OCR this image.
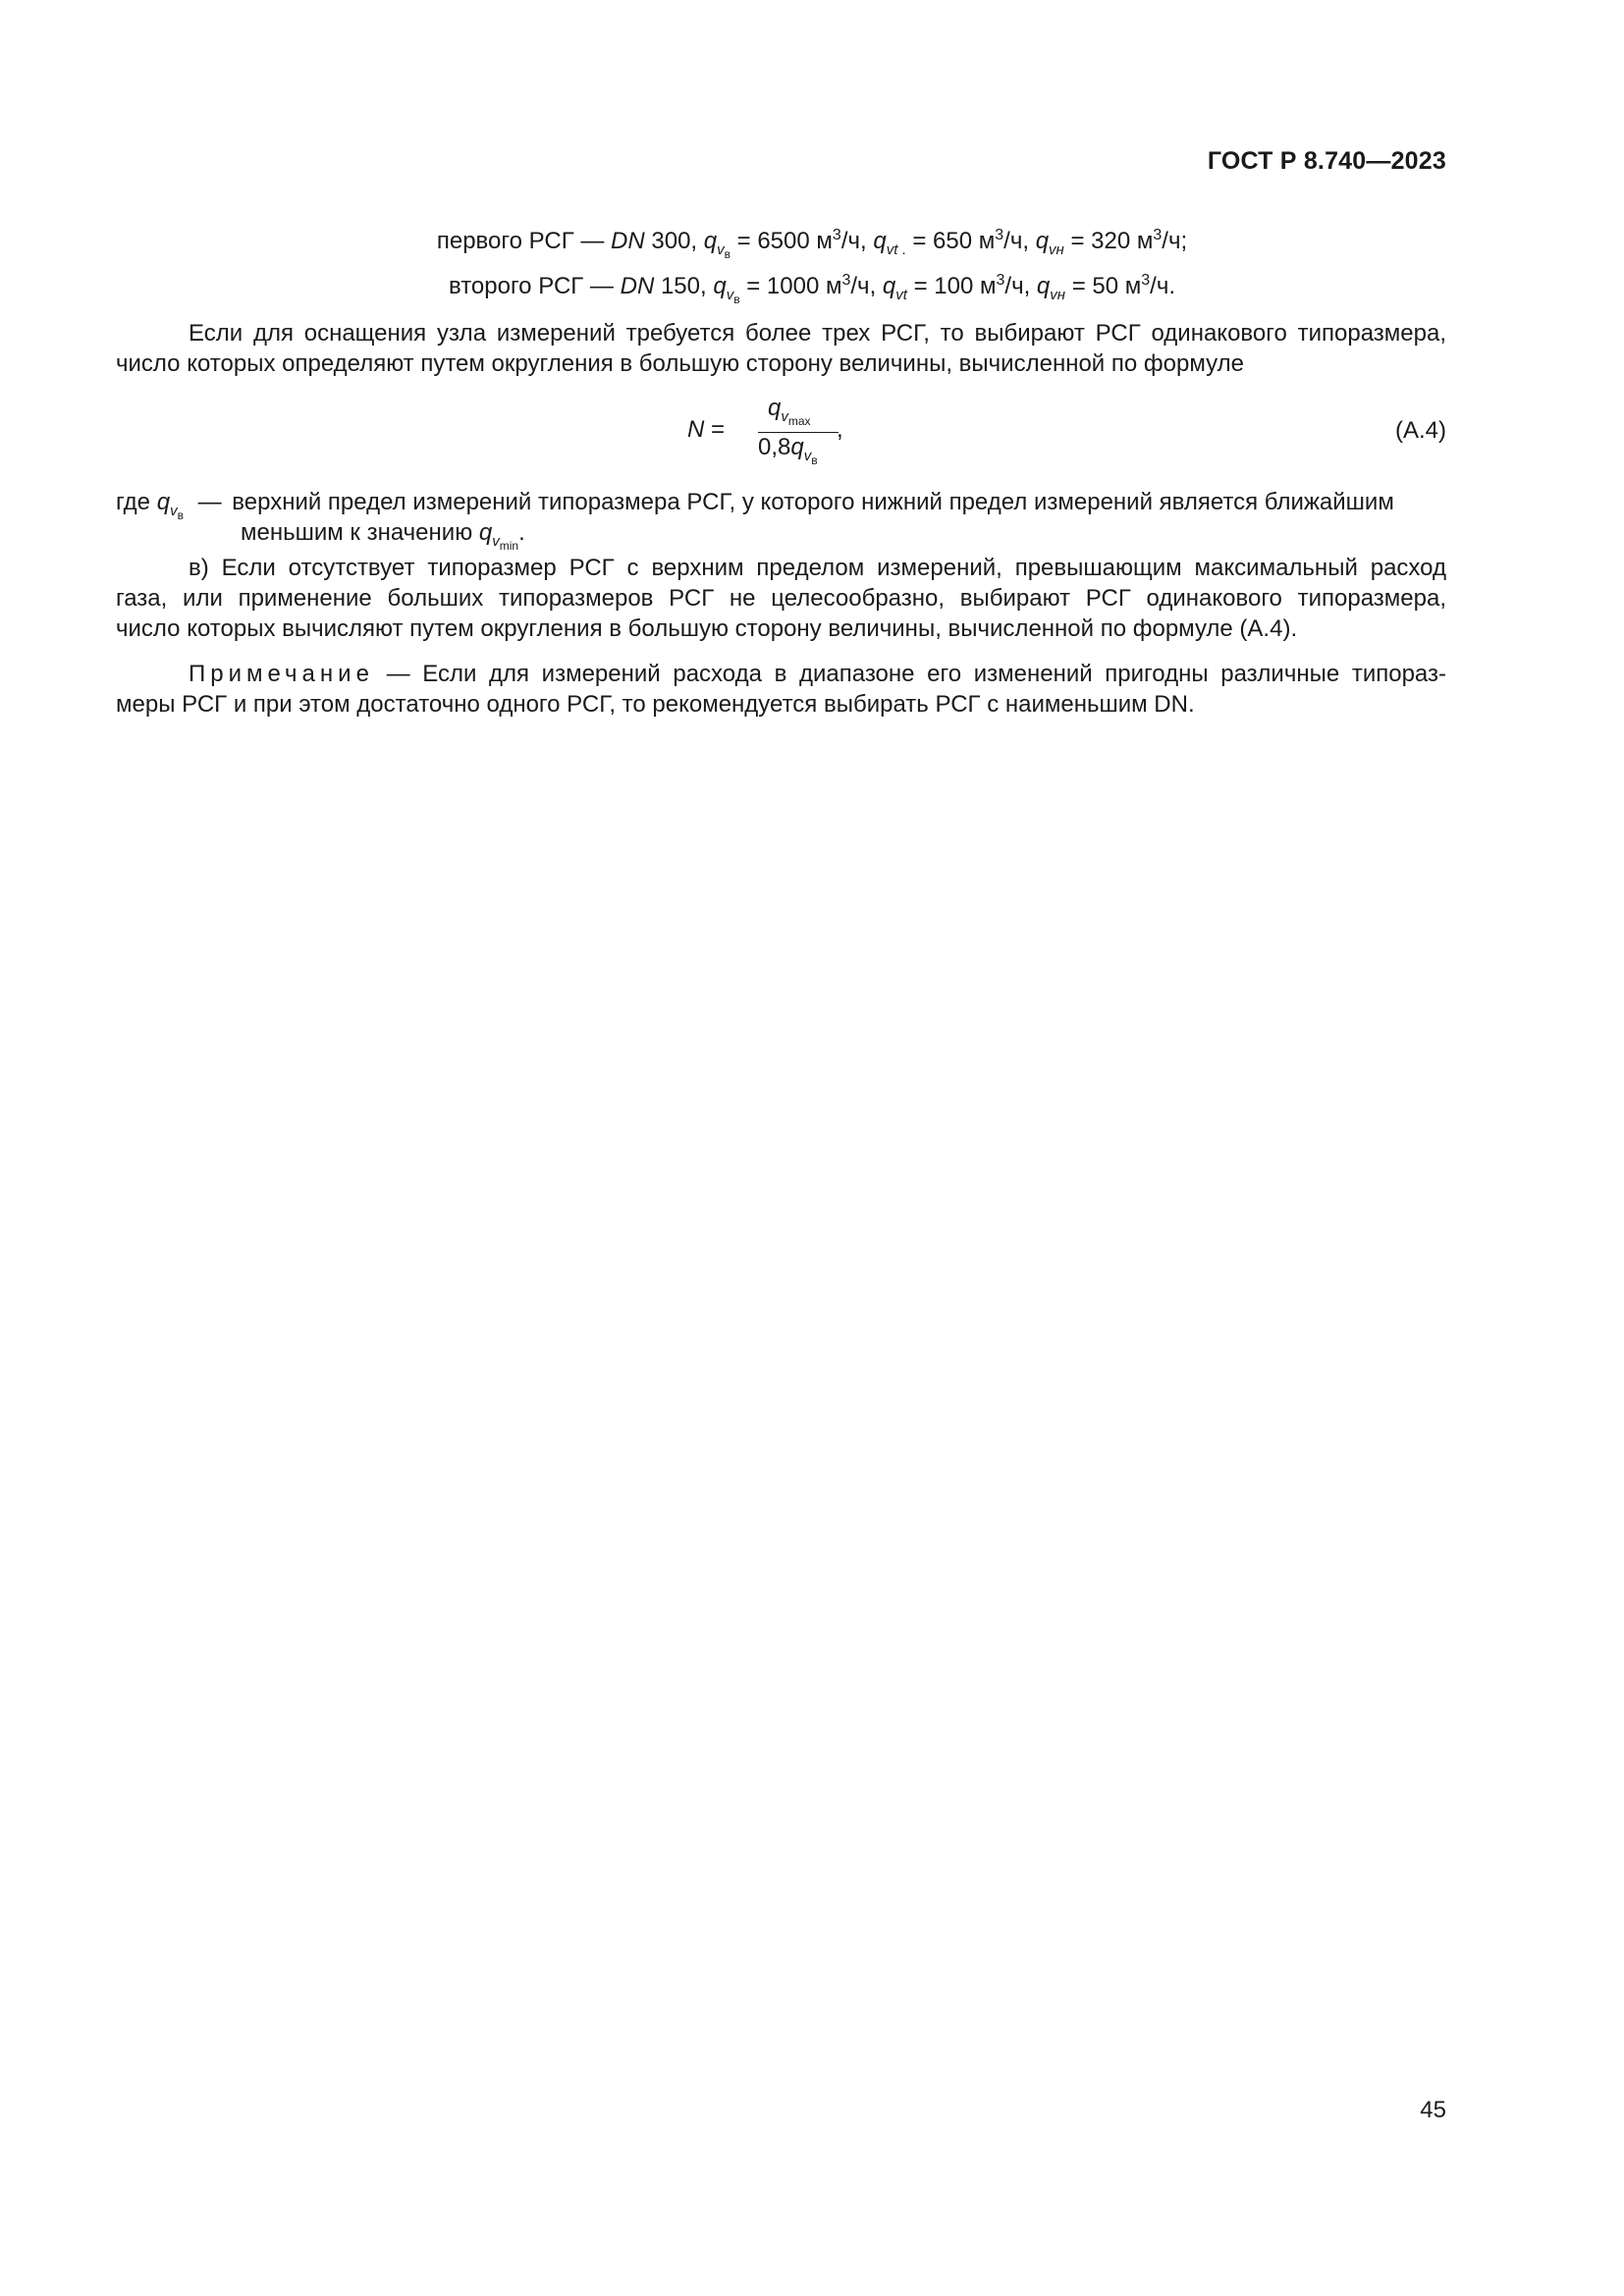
ГОСТ Р 8.740—2023
первого РСГ — DN 300, $q_{v_в} = 6500$ $м^3/ч$, $q_{vt .} = 650$ $м^3/ч$, $q_{vн} = 320$ $м^3/ч$;
второго РСГ — DN 150, $q_{v_в} = 1000$ $м^3/ч$, $q_{vt} = 100$ $м^3/ч$, $q_{vн} = 50$ $м^3/ч$.
Если для оснащения узла измерений требуется более трех РСГ, то выбирают РСГ одинакового типоразмера,
число которых определяют путем округления в большую сторону величины, вычисленной по формуле
N =
$q_{v_{max}}$
$0,8q_{v_в}$
,	(А.4)
где $q_{v_в}$ — верхний предел измерений типоразмера РСГ, у которого нижний предел измерений является ближайшим
меньшим к значению $q_{v_{min}}$.
в) Если отсутствует типоразмер РСГ с верхним пределом измерений, превышающим максимальный расход
газа, или применение больших типоразмеров РСГ не целесообразно, выбирают РСГ одинакового типоразмера,
число которых вычисляют путем округления в большую сторону величины, вычисленной по формуле (А.4).
Примечание — Если для измерений расхода в диапазоне его изменений пригодны различные типораз-
меры РСГ и при этом достаточно одного РСГ, то рекомендуется выбирать РСГ с наименьшим DN.
45
